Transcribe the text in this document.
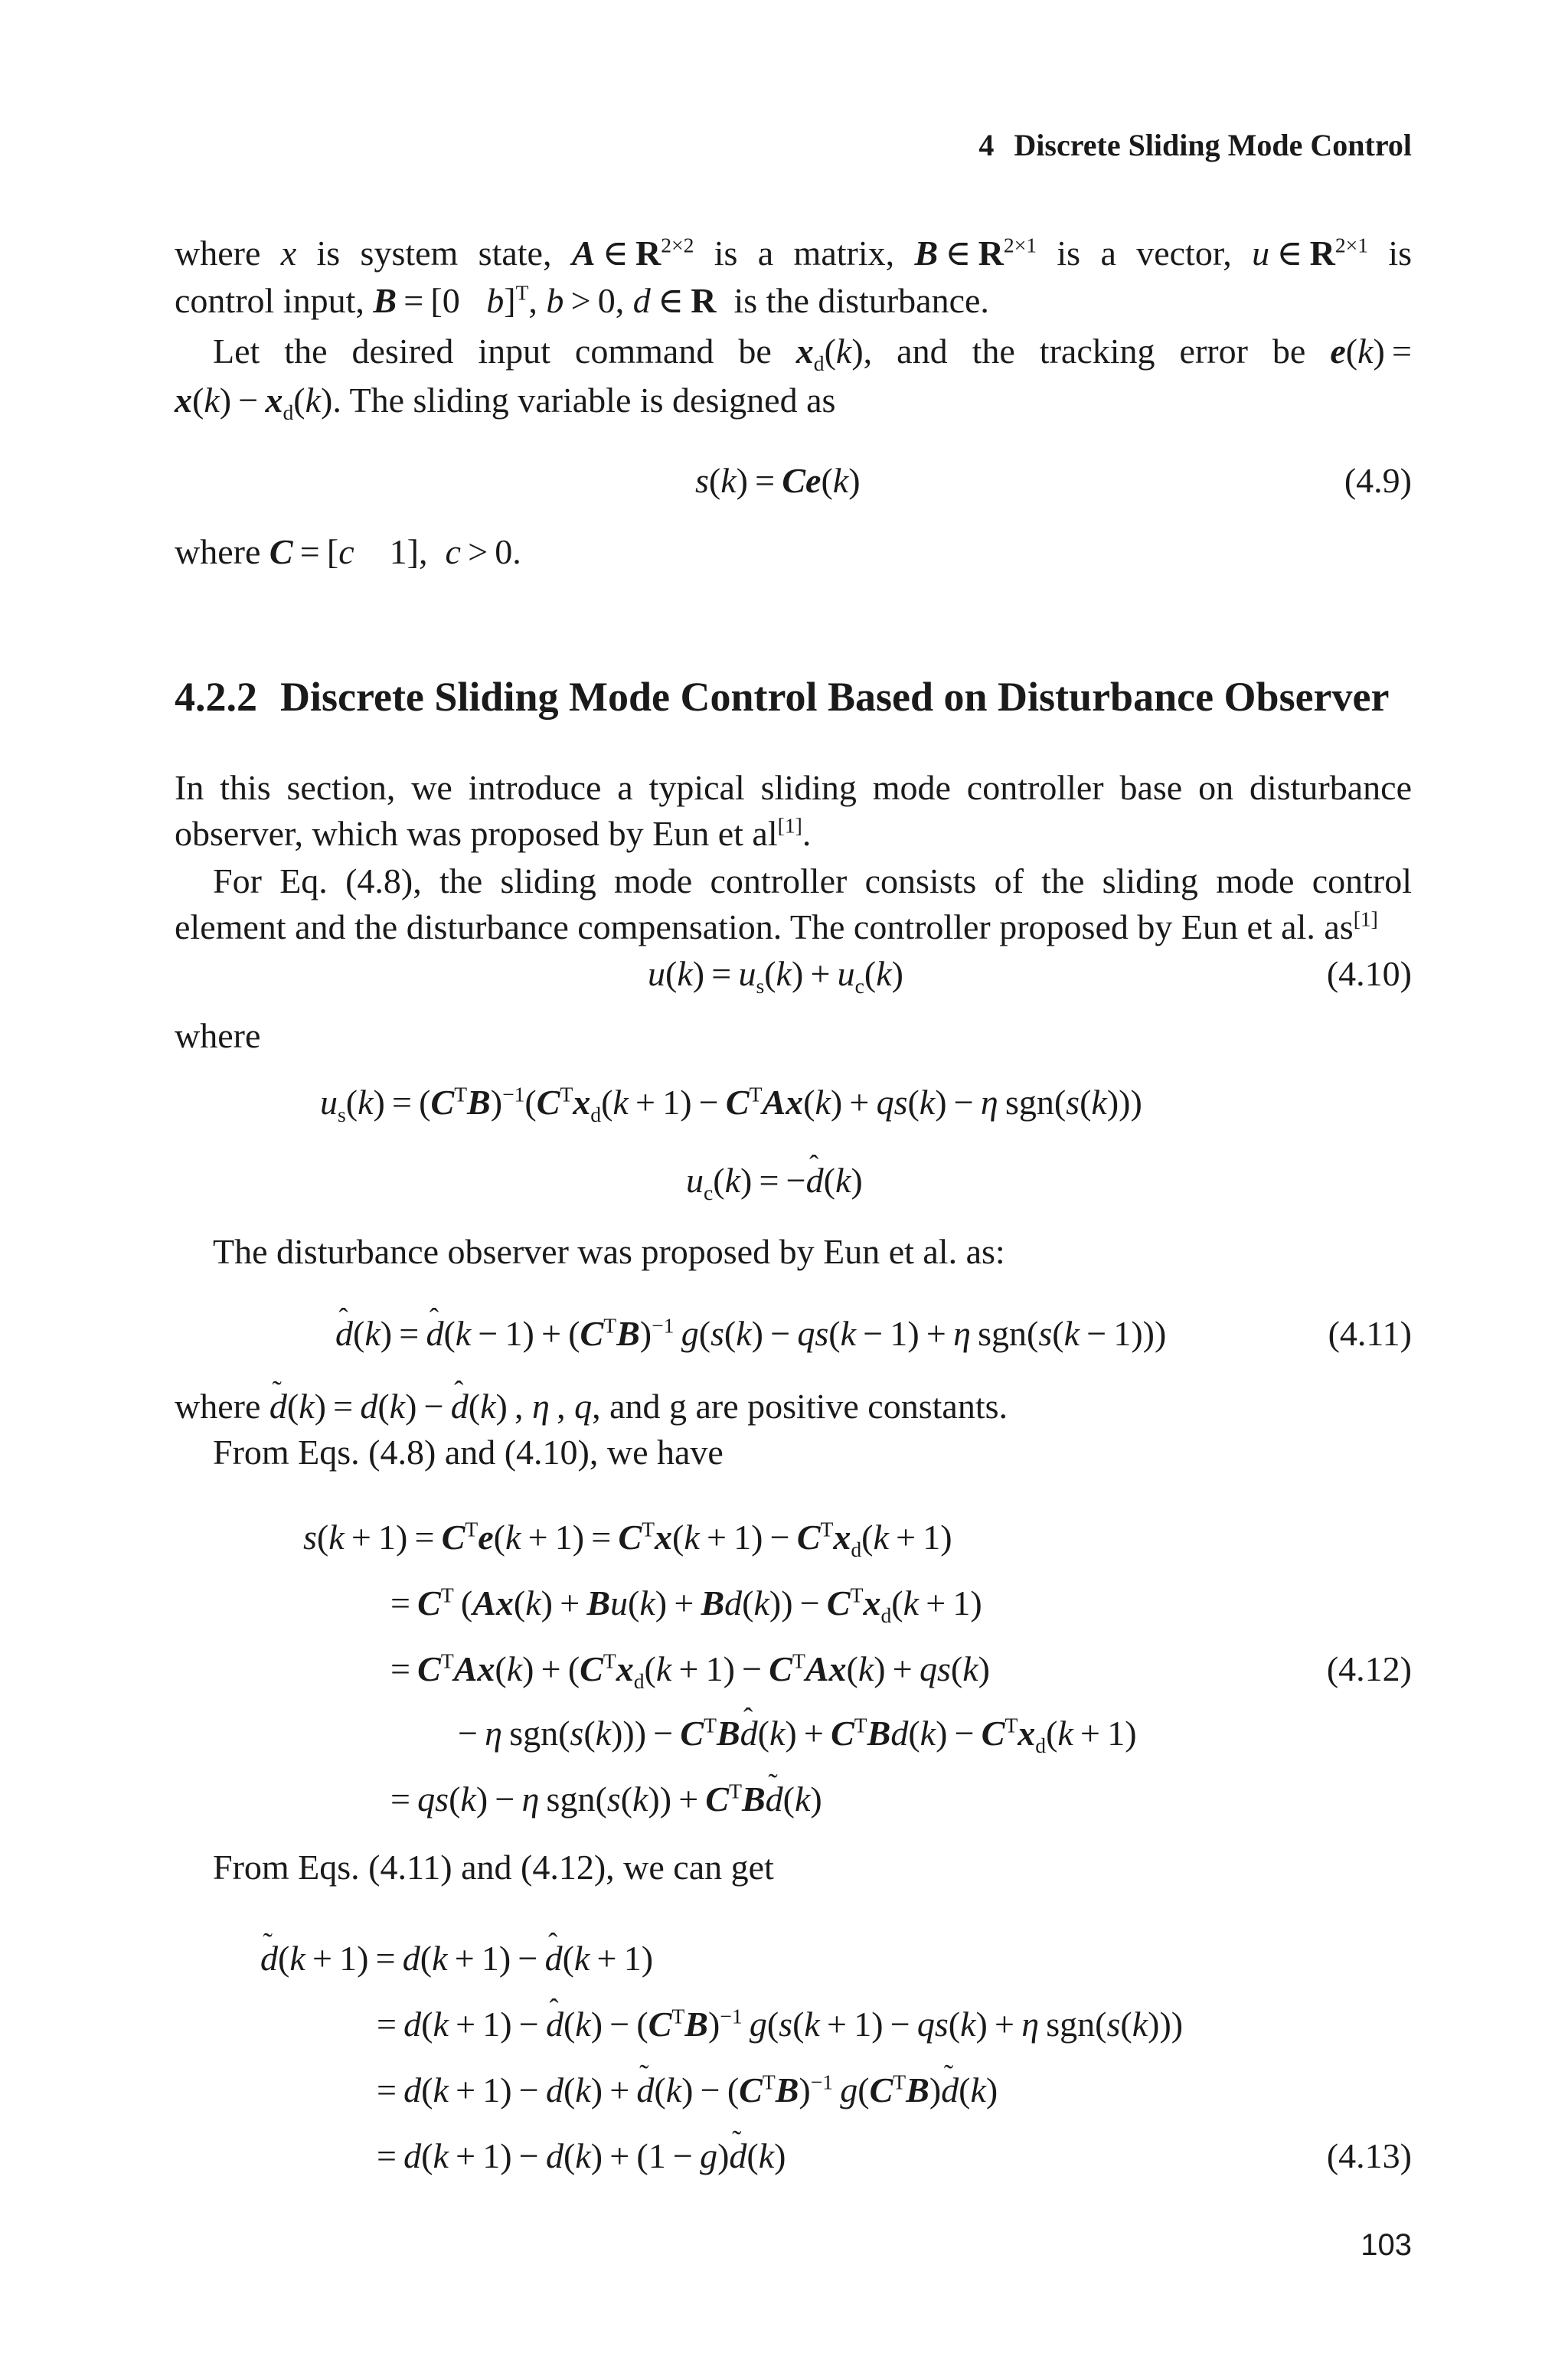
4 Discrete Sliding Mode Control
where x is system state, A ∈ $R^{2\times 2}$ is a matrix, B ∈ $R^{2\times 1}$ is a vector, u ∈ $R^{2\times 1}$ is
control input, B = [0   b]$^T$, b > 0, d ∈ R is the disturbance.
Let the desired input command be $x_d(k)$, and the tracking error be e(k) =
$x(k) - x_d(k)$. The sliding variable is designed as
s(k) = Ce(k)	(4.9)
where C = [c    1],  c > 0.
4.2.2 Discrete Sliding Mode Control Based on Disturbance Observer
In this section, we introduce a typical sliding mode controller base on disturbance
observer, which was proposed by Eun et al[1].
For Eq. (4.8), the sliding mode controller consists of the sliding mode control
element and the disturbance compensation. The controller proposed by Eun et al. as[1]
$u(k) = u_s(k) + u_c(k)$	(4.10)
where
$u_s(k) = (C^TB)^{-1}(C^Tx_d(k + 1) - C^TAx(k) + qs(k) - \eta$ sgn(s(k)))
$u_c(k)$ = −ˆ d(k)
The disturbance observer was proposed by Eun et al. as:
ˆ d(k) = ˆ $d(k - 1) + (C^TB)^{-1}$  g(s(k) − qs(k − 1) + η sgn(s(k − 1)))	(4.11)
where ˜ d(k) = d(k) − ˆ d(k) , η , q, and g are positive constants.
From Eqs. (4.8) and (4.10), we have
$s(k + 1) = C^Te(k + 1) = C^Tx(k + 1) - C^Tx_d(k + 1)$
= $C^T$ $(Ax(k) + Bu(k) + Bd(k)) - C^Tx_d(k + 1)$
= $C^TAx(k) + (C^Tx_d(k + 1) - C^TAx(k) + qs(k)$	(4.12)
− η $sgn(s(k))) - C^TBˆ$ $d(k) + C^TBd(k) - C^Tx_d(k + 1)$
= qs(k) − η $sgn(s(k)) + C^TB˜$ d(k)
From Eqs. (4.11) and (4.12), we can get
˜ d(k + 1) = d(k + 1) − ˆ d(k + 1)
= d(k + 1) − ˆ $d(k) - (C^TB)^{-1}$  g(s(k + 1) − qs(k) + η sgn(s(k)))
= d(k + 1) − d(k) + ˜ $d(k) - (C^TB)^{-1}$  $g(C^TB)˜$ d(k)
= d(k + 1) − d(k) + (1 − g)˜ d(k)	(4.13)
103
